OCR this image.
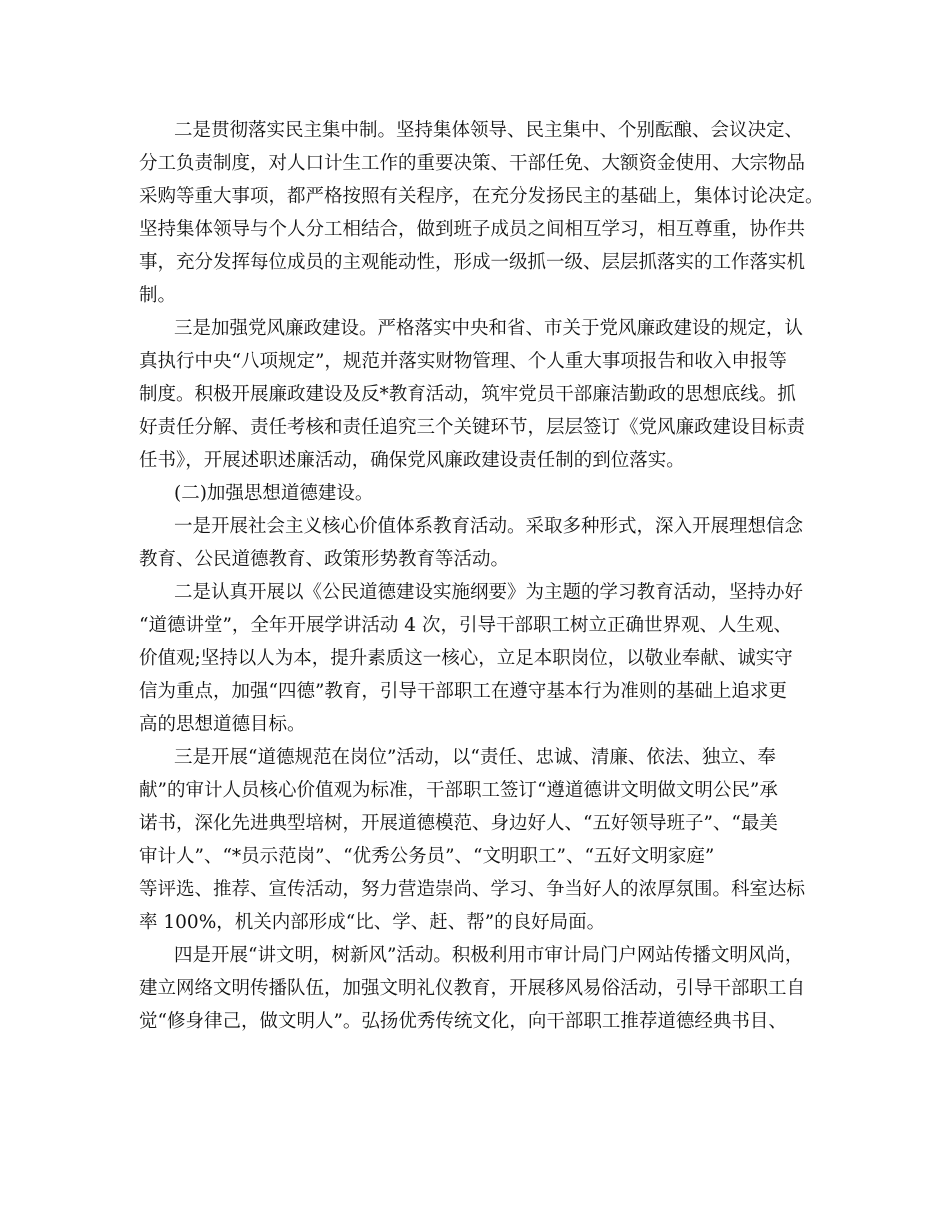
二是贯彻落实民主集中制。坚持集体领导、民主集中、个别酝酿、会议决定、
分工负责制度，对人口计生工作的重要决策、干部任免、大额资金使用、大宗物品
采购等重大事项，都严格按照有关程序，在充分发扬民主的基础上，集体讨论决定。
坚持集体领导与个人分工相结合，做到班子成员之间相互学习，相互尊重，协作共
事，充分发挥每位成员的主观能动性，形成一级抓一级、层层抓落实的工作落实机
制。
三是加强党风廉政建设。严格落实中央和省、市关于党风廉政建设的规定，认
真执行中央“八项规定”，规范并落实财物管理、个人重大事项报告和收入申报等
制度。积极开展廉政建设及反*教育活动，筑牢党员干部廉洁勤政的思想底线。抓
好责任分解、责任考核和责任追究三个关键环节，层层签订《党风廉政建设目标责
任书》，开展述职述廉活动，确保党风廉政建设责任制的到位落实。
(二)加强思想道德建设。
一是开展社会主义核心价值体系教育活动。采取多种形式，深入开展理想信念
教育、公民道德教育、政策形势教育等活动。
二是认真开展以《公民道德建设实施纲要》为主题的学习教育活动，坚持办好
“道德讲堂”，全年开展学讲活动 4 次，引导干部职工树立正确世界观、人生观、
价值观;坚持以人为本，提升素质这一核心，立足本职岗位，以敬业奉献、诚实守
信为重点，加强“四德”教育，引导干部职工在遵守基本行为准则的基础上追求更
高的思想道德目标。
三是开展“道德规范在岗位”活动，以“责任、忠诚、清廉、依法、独立、奉
献”的审计人员核心价值观为标准，干部职工签订“遵道德讲文明做文明公民”承
诺书，深化先进典型培树，开展道德模范、身边好人、“五好领导班子”、“最美
审计人”、“*员示范岗”、“优秀公务员”、“文明职工”、“五好文明家庭”
等评选、推荐、宣传活动，努力营造崇尚、学习、争当好人的浓厚氛围。科室达标
率 100%，机关内部形成“比、学、赶、帮”的良好局面。
四是开展“讲文明，树新风”活动。积极利用市审计局门户网站传播文明风尚，
建立网络文明传播队伍，加强文明礼仪教育，开展移风易俗活动，引导干部职工自
觉“修身律己，做文明人”。弘扬优秀传统文化，向干部职工推荐道德经典书目、
